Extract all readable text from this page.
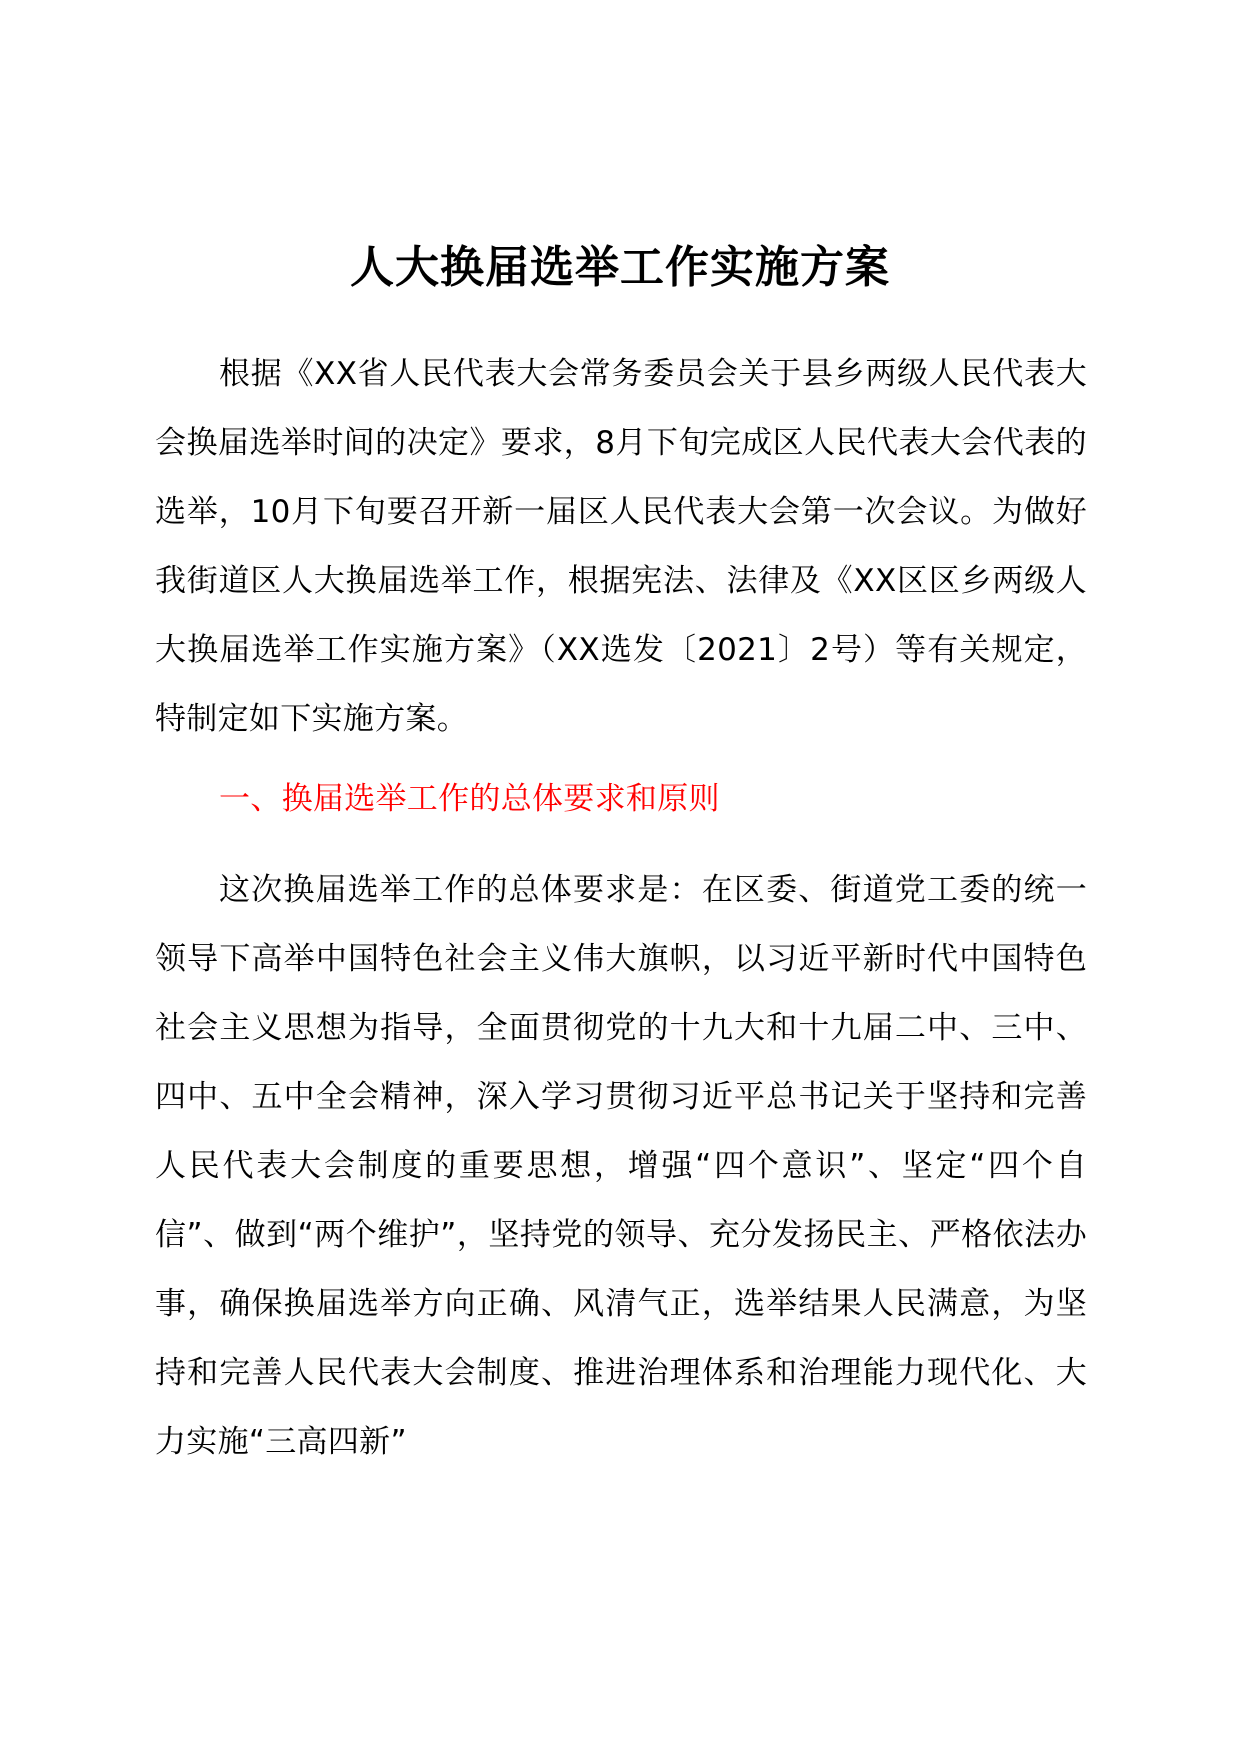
人大换届选举工作实施方案

根据《XX省人民代表大会常务委员会关于县乡两级人民代表大会换届选举时间的决定》要求，8月下旬完成区人民代表大会代表的选举，10月下旬要召开新一届区人民代表大会第一次会议。为做好我街道区人大换届选举工作，根据宪法、法律及《XX区区乡两级人大换届选举工作实施方案》（XX选发〔2021〕2号）等有关规定，特制定如下实施方案。

一、换届选举工作的总体要求和原则

这次换届选举工作的总体要求是：在区委、街道党工委的统一领导下高举中国特色社会主义伟大旗帜，以习近平新时代中国特色社会主义思想为指导，全面贯彻党的十九大和十九届二中、三中、四中、五中全会精神，深入学习贯彻习近平总书记关于坚持和完善人民代表大会制度的重要思想，增强“四个意识”、坚定“四个自信”、做到“两个维护”，坚持党的领导、充分发扬民主、严格依法办事，确保换届选举方向正确、风清气正，选举结果人民满意，为坚持和完善人民代表大会制度、推进治理体系和治理能力现代化、大力实施“三高四新”
